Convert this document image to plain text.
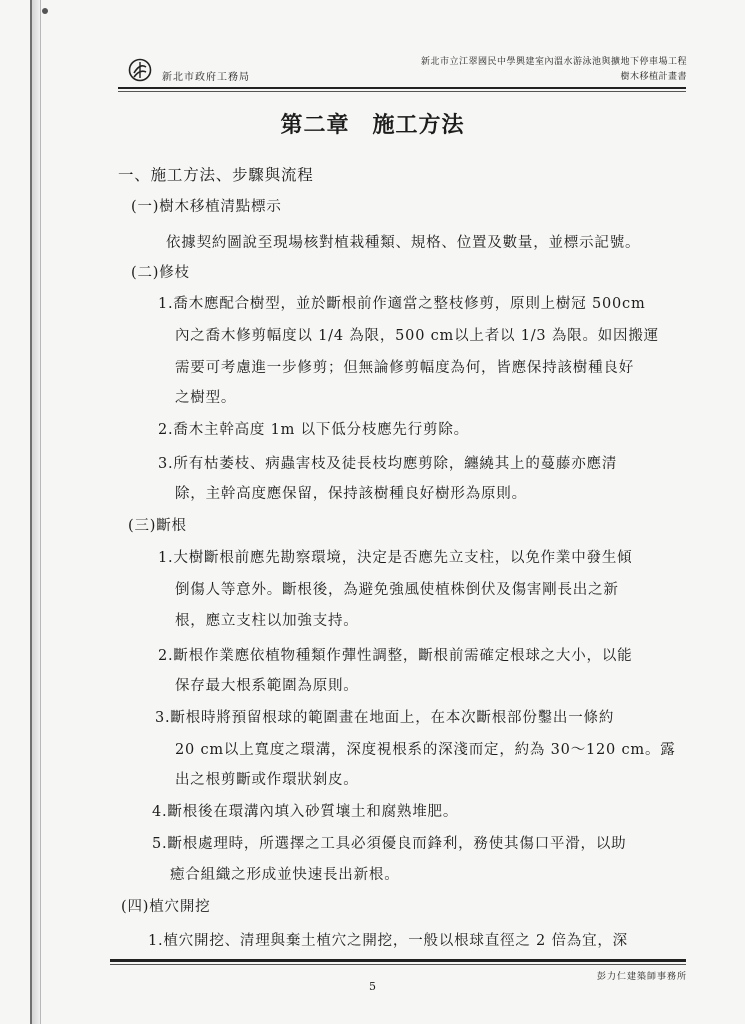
新北市政府工務局
新北市立江翠國民中學興建室內溫水游泳池與擴地下停車場工程
樹木移植計畫書
第二章　施工方法
一、施工方法、步驟與流程
(一)樹木移植清點標示
依據契約圖說至現場核對植栽種類、規格、位置及數量，並標示記號。
(二)修枝
1.喬木應配合樹型，並於斷根前作適當之整枝修剪，原則上樹冠 500cm
內之喬木修剪幅度以 1/4 為限，500 cm以上者以 1/3 為限。如因搬運
需要可考慮進一步修剪；但無論修剪幅度為何，皆應保持該樹種良好
之樹型。
2.喬木主幹高度 1m 以下低分枝應先行剪除。
3.所有枯萎枝、病蟲害枝及徒長枝均應剪除，纏繞其上的蔓藤亦應清
除，主幹高度應保留，保持該樹種良好樹形為原則。
(三)斷根
1.大樹斷根前應先勘察環境，決定是否應先立支柱，以免作業中發生傾
倒傷人等意外。斷根後，為避免強風使植株倒伏及傷害剛長出之新
根，應立支柱以加強支持。
2.斷根作業應依植物種類作彈性調整，斷根前需確定根球之大小，以能
保存最大根系範圍為原則。
3.斷根時將預留根球的範圍畫在地面上，在本次斷根部份鑿出一條約
20 cm以上寬度之環溝，深度視根系的深淺而定，約為 30～120 cm。露
出之根剪斷或作環狀剝皮。
4.斷根後在環溝內填入砂質壤土和腐熟堆肥。
5.斷根處理時，所選擇之工具必須優良而鋒利，務使其傷口平滑，以助
癒合組織之形成並快速長出新根。
(四)植穴開挖
1.植穴開挖、清理與棄土植穴之開挖，一般以根球直徑之 2 倍為宜，深
彭力仁建築師事務所
5
